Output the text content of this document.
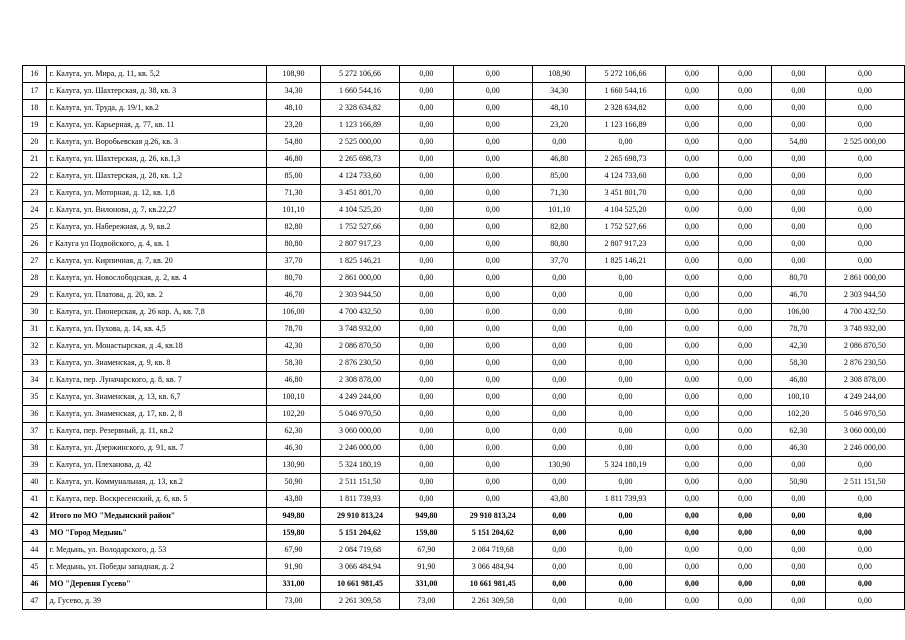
16	г. Калуга, ул. Мира, д. 11, кв. 5,2	108,90	5 272 106,66	0,00	0,00	108,90	5 272 106,66	0,00	0,00	0,00	0,00
17	г. Калуга, ул. Шахтерская, д. 38, кв. 3	34,30	1 660 544,16	0,00	0,00	34,30	1 660 544,16	0,00	0,00	0,00	0,00
18	г. Калуга, ул. Труда, д. 19/1, кв.2	48,10	2 328 634,82	0,00	0,00	48,10	2 328 634,82	0,00	0,00	0,00	0,00
19	г. Калуга, ул. Карьерная, д. 77, кв. 11	23,20	1 123 166,89	0,00	0,00	23,20	1 123 166,89	0,00	0,00	0,00	0,00
20	г. Калуга, ул. Воробьевская д.26, кв. 3	54,80	2 525 000,00	0,00	0,00	0,00	0,00	0,00	0,00	54,80	2 525 000,00
21	г. Калуга, ул. Шахтерская, д. 26, кв.1,3	46,80	2 265 698,73	0,00	0,00	46,80	2 265 698,73	0,00	0,00	0,00	0,00
22	г. Калуга, ул. Шахтерская, д. 28, кв. 1,2	85,00	4 124 733,60	0,00	0,00	85,00	4 124 733,60	0,00	0,00	0,00	0,00
23	г. Калуга, ул. Моторная, д. 12, кв. 1,8	71,30	3 451 801,70	0,00	0,00	71,30	3 451 801,70	0,00	0,00	0,00	0,00
24	г. Калуга, ул. Вилонова, д. 7, кв.22,27	101,10	4 104 525,20	0,00	0,00	101,10	4 104 525,20	0,00	0,00	0,00	0,00
25	г. Калуга, ул. Набережная, д. 9, кв.2	82,80	1 752 527,66	0,00	0,00	82,80	1 752 527,66	0,00	0,00	0,00	0,00
26	г Калуга ул Подвойского, д. 4, кв. 1	80,80	2 807 917,23	0,00	0,00	80,80	2 807 917,23	0,00	0,00	0,00	0,00
27	г. Калуга, ул. Кирпичная, д. 7, кв. 20	37,70	1 825 146,21	0,00	0,00	37,70	1 825 146,21	0,00	0,00	0,00	0,00
28	г. Калуга, ул. Новослободская, д. 2, кв. 4	80,70	2 861 000,00	0,00	0,00	0,00	0,00	0,00	0,00	80,70	2 861 000,00
29	г. Калуга, ул. Платова, д. 20, кв. 2	46,70	2 303 944,50	0,00	0,00	0,00	0,00	0,00	0,00	46,70	2 303 944,50
30	г. Калуга, ул. Пионерская, д. 26 кор. А, кв. 7,8	106,00	4 700 432,50	0,00	0,00	0,00	0,00	0,00	0,00	106,00	4 700 432,50
31	г. Калуга, ул. Пухова, д. 14, кв. 4,5	78,70	3 748 932,00	0,00	0,00	0,00	0,00	0,00	0,00	78,70	3 748 932,00
32	г. Калуга, ул. Монастырская, д .4, кв.18	42,30	2 086 870,50	0,00	0,00	0,00	0,00	0,00	0,00	42,30	2 086 870,50
33	г. Калуга, ул. Знаменская, д. 9, кв. 8	58,30	2 876 230,50	0,00	0,00	0,00	0,00	0,00	0,00	58,30	2 876 230,50
34	г. Калуга, пер. Луначарского, д. 8, кв. 7	46,80	2 308 878,00	0,00	0,00	0,00	0,00	0,00	0,00	46,80	2 308 878,00
35	г. Калуга, ул. Знаменская, д. 13, кв. 6,7	100,10	4 249 244,00	0,00	0,00	0,00	0,00	0,00	0,00	100,10	4 249 244,00
36	г. Калуга, ул. Знаменская, д. 17, кв. 2, 8	102,20	5 046 970,50	0,00	0,00	0,00	0,00	0,00	0,00	102,20	5 046 970,50
37	г. Калуга, пер. Резервный, д. 11, кв.2	62,30	3 060 000,00	0,00	0,00	0,00	0,00	0,00	0,00	62,30	3 060 000,00
38	г. Калуга, ул. Дзержинского, д. 91, кв. 7	46,30	2 246 000,00	0,00	0,00	0,00	0,00	0,00	0,00	46,30	2 246 000,00
39	г. Калуга, ул. Плеханова, д. 42	130,90	5 324 180,19	0,00	0,00	130,90	5 324 180,19	0,00	0,00	0,00	0,00
40	г. Калуга, ул. Коммунальная, д. 13, кв.2	50,90	2 511 151,50	0,00	0,00	0,00	0,00	0,00	0,00	50,90	2 511 151,50
41	г. Калуга, пер. Воскресенский, д. 6, кв. 5	43,80	1 811 739,93	0,00	0,00	43,80	1 811 739,93	0,00	0,00	0,00	0,00
42	Итого по МО "Медынский район"	949,80	29 910 813,24	949,80	29 910 813,24	0,00	0,00	0,00	0,00	0,00	0,00
43	МО "Город Медынь"	159,80	5 151 204,62	159,80	5 151 204,62	0,00	0,00	0,00	0,00	0,00	0,00
44	г. Медынь, ул. Володарского, д. 53	67,90	2 084 719,68	67,90	2 084 719,68	0,00	0,00	0,00	0,00	0,00	0,00
45	г. Медынь, ул. Победы западная, д. 2	91,90	3 066 484,94	91,90	3 066 484,94	0,00	0,00	0,00	0,00	0,00	0,00
46	МО "Деревня Гусево"	331,00	10 661 981,45	331,00	10 661 981,45	0,00	0,00	0,00	0,00	0,00	0,00
47	д. Гусево, д. 39	73,00	2 261 309,58	73,00	2 261 309,58	0,00	0,00	0,00	0,00	0,00	0,00
